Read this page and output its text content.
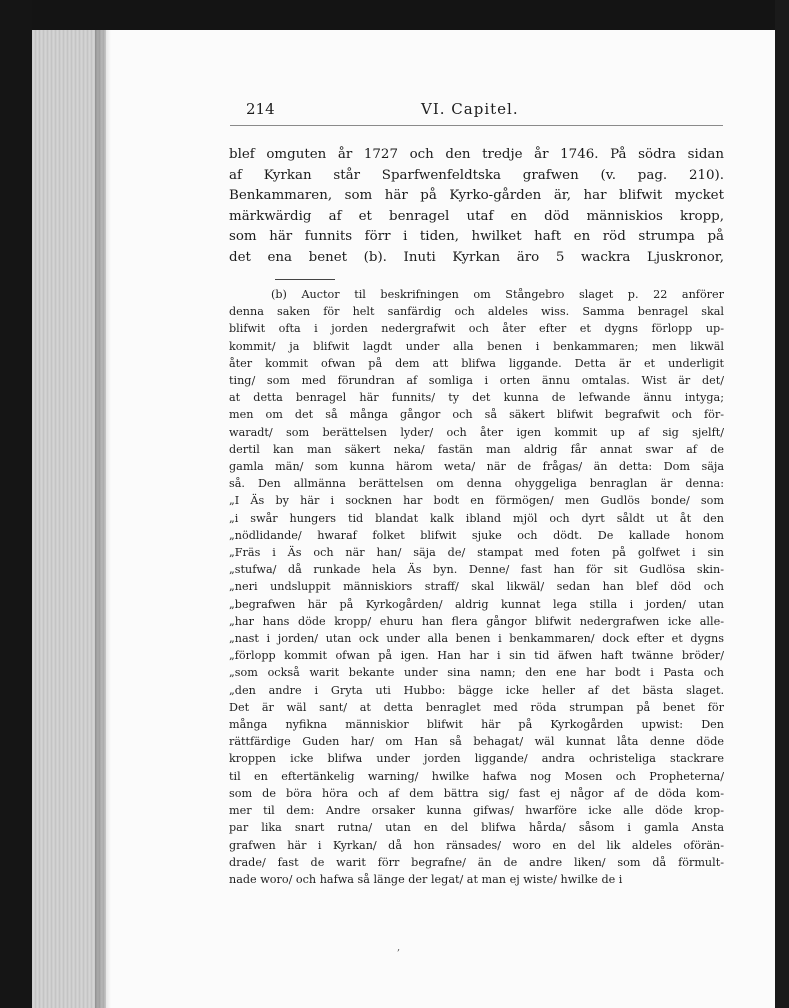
214	VI. Capitel.
blef omguten år 1727 och den tredje år 1746. På södra sidan
af Kyrkan står Sparfwenfeldtska grafwen (v. pag. 210).
Benkammaren, som här på Kyrko-gården är, har blifwit mycket
märkwärdig af et benragel utaf en död människios kropp,
som här funnits förr i tiden, hwilket haft en röd strumpa på
det ena benet (b). Inuti Kyrkan äro 5 wackra Ljuskronor,
(b) Auctor til beskrifningen om Stångebro slaget p. 22 anförer
denna saken för helt sanfärdig och aldeles wiss. Samma benragel skal
blifwit ofta i jorden nedergrafwit och åter efter et dygns förlopp up-
kommit/ ja blifwit lagdt under alla benen i benkammaren; men likwäl
åter kommit ofwan på dem att blifwa liggande. Detta är et underligit
ting/ som med förundran af somliga i orten ännu omtalas. Wist är det/
at detta benragel här funnits/ ty det kunna de lefwande ännu intyga;
men om det så många gångor och så säkert blifwit begrafwit och för-
waradt/ som berättelsen lyder/ och åter igen kommit up af sig sjelft/
dertil kan man säkert neka/ fastän man aldrig får annat swar af de
gamla män/ som kunna härom weta/ när de frågas/ än detta: Dom säja
så. Den allmänna berättelsen om denna ohyggeliga benraglan är denna:
„I Äs by här i socknen har bodt en förmögen/ men Gudlös bonde/ som
„i swår hungers tid blandat kalk ibland mjöl och dyrt såldt ut åt den
„nödlidande/ hwaraf folket blifwit sjuke och dödt. De kallade honom
„Fräs i Äs och när han/ säja de/ stampat med foten på golfwet i sin
„stufwa/ då runkade hela Äs byn. Denne/ fast han för sit Gudlösa skin-
„neri undsluppit människiors straff/ skal likwäl/ sedan han blef död och
„begrafwen här på Kyrkogården/ aldrig kunnat lega stilla i jorden/ utan
„har hans döde kropp/ ehuru han flera gångor blifwit nedergrafwen icke alle-
„nast i jorden/ utan ock under alla benen i benkammaren/ dock efter et dygns
„förlopp kommit ofwan på igen. Han har i sin tid äfwen haft twänne bröder/
„som också warit bekante under sina namn; den ene har bodt i Pasta och
„den andre i Gryta uti Hubbo: bägge icke heller af det bästa slaget.
Det är wäl sant/ at detta benraglet med röda strumpan på benet för
många nyfikna människior blifwit här på Kyrkogården upwist: Den
rättfärdige Guden har/ om Han så behagat/ wäl kunnat låta denne döde
kroppen icke blifwa under jorden liggande/ andra ochristeliga stackrare
til en eftertänkelig warning/ hwilke hafwa nog Mosen och Propheterna/
som de böra höra och af dem bättra sig/ fast ej någor af de döda kom-
mer til dem: Andre orsaker kunna gifwas/ hwarföre icke alle döde krop-
par lika snart rutna/ utan en del blifwa hårda/ såsom i gamla Ansta
grafwen här i Kyrkan/ då hon ränsades/ woro en del lik aldeles oförän-
drade/ fast de warit förr begrafne/ än de andre liken/ som då förmult-
nade woro/ och hafwa så länge der legat/ at man ej wiste/ hwilke de i
,
